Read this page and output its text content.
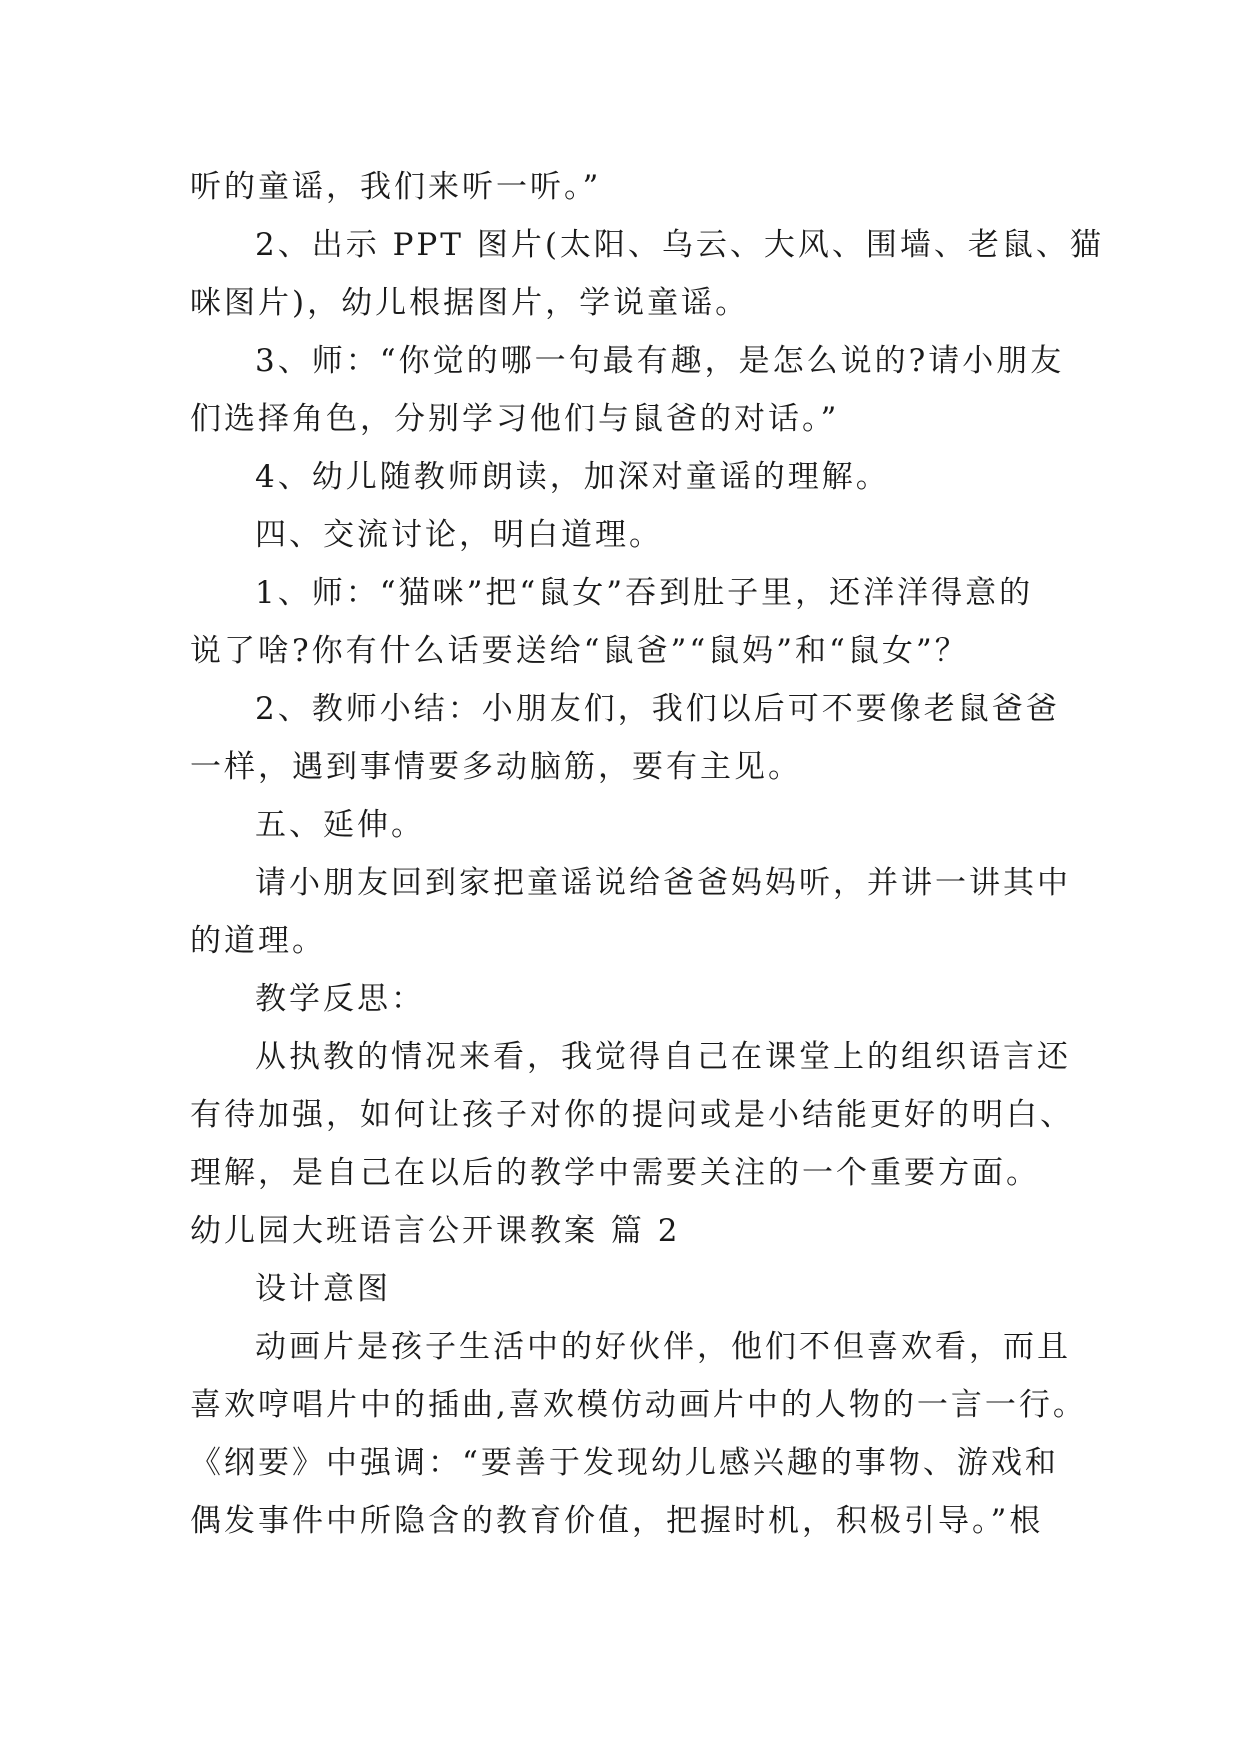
听的童谣，我们来听一听。”
2、出示 PPT 图片(太阳、乌云、大风、围墙、老鼠、猫
咪图片)，幼儿根据图片，学说童谣。
3、师：“你觉的哪一句最有趣，是怎么说的?请小朋友
们选择角色，分别学习他们与鼠爸的对话。”
4、幼儿随教师朗读，加深对童谣的理解。
四、交流讨论，明白道理。
1、师：“猫咪”把“鼠女”吞到肚子里，还洋洋得意的
说了啥?你有什么话要送给“鼠爸”“鼠妈”和“鼠女”？
2、教师小结：小朋友们，我们以后可不要像老鼠爸爸
一样，遇到事情要多动脑筋，要有主见。
五、延伸。
请小朋友回到家把童谣说给爸爸妈妈听，并讲一讲其中
的道理。
教学反思：
从执教的情况来看，我觉得自己在课堂上的组织语言还
有待加强，如何让孩子对你的提问或是小结能更好的明白、
理解，是自己在以后的教学中需要关注的一个重要方面。
幼儿园大班语言公开课教案 篇 2
设计意图
动画片是孩子生活中的好伙伴，他们不但喜欢看，而且
喜欢哼唱片中的插曲,喜欢模仿动画片中的人物的一言一行。
《纲要》中强调：“要善于发现幼儿感兴趣的事物、游戏和
偶发事件中所隐含的教育价值，把握时机，积极引导。”根
